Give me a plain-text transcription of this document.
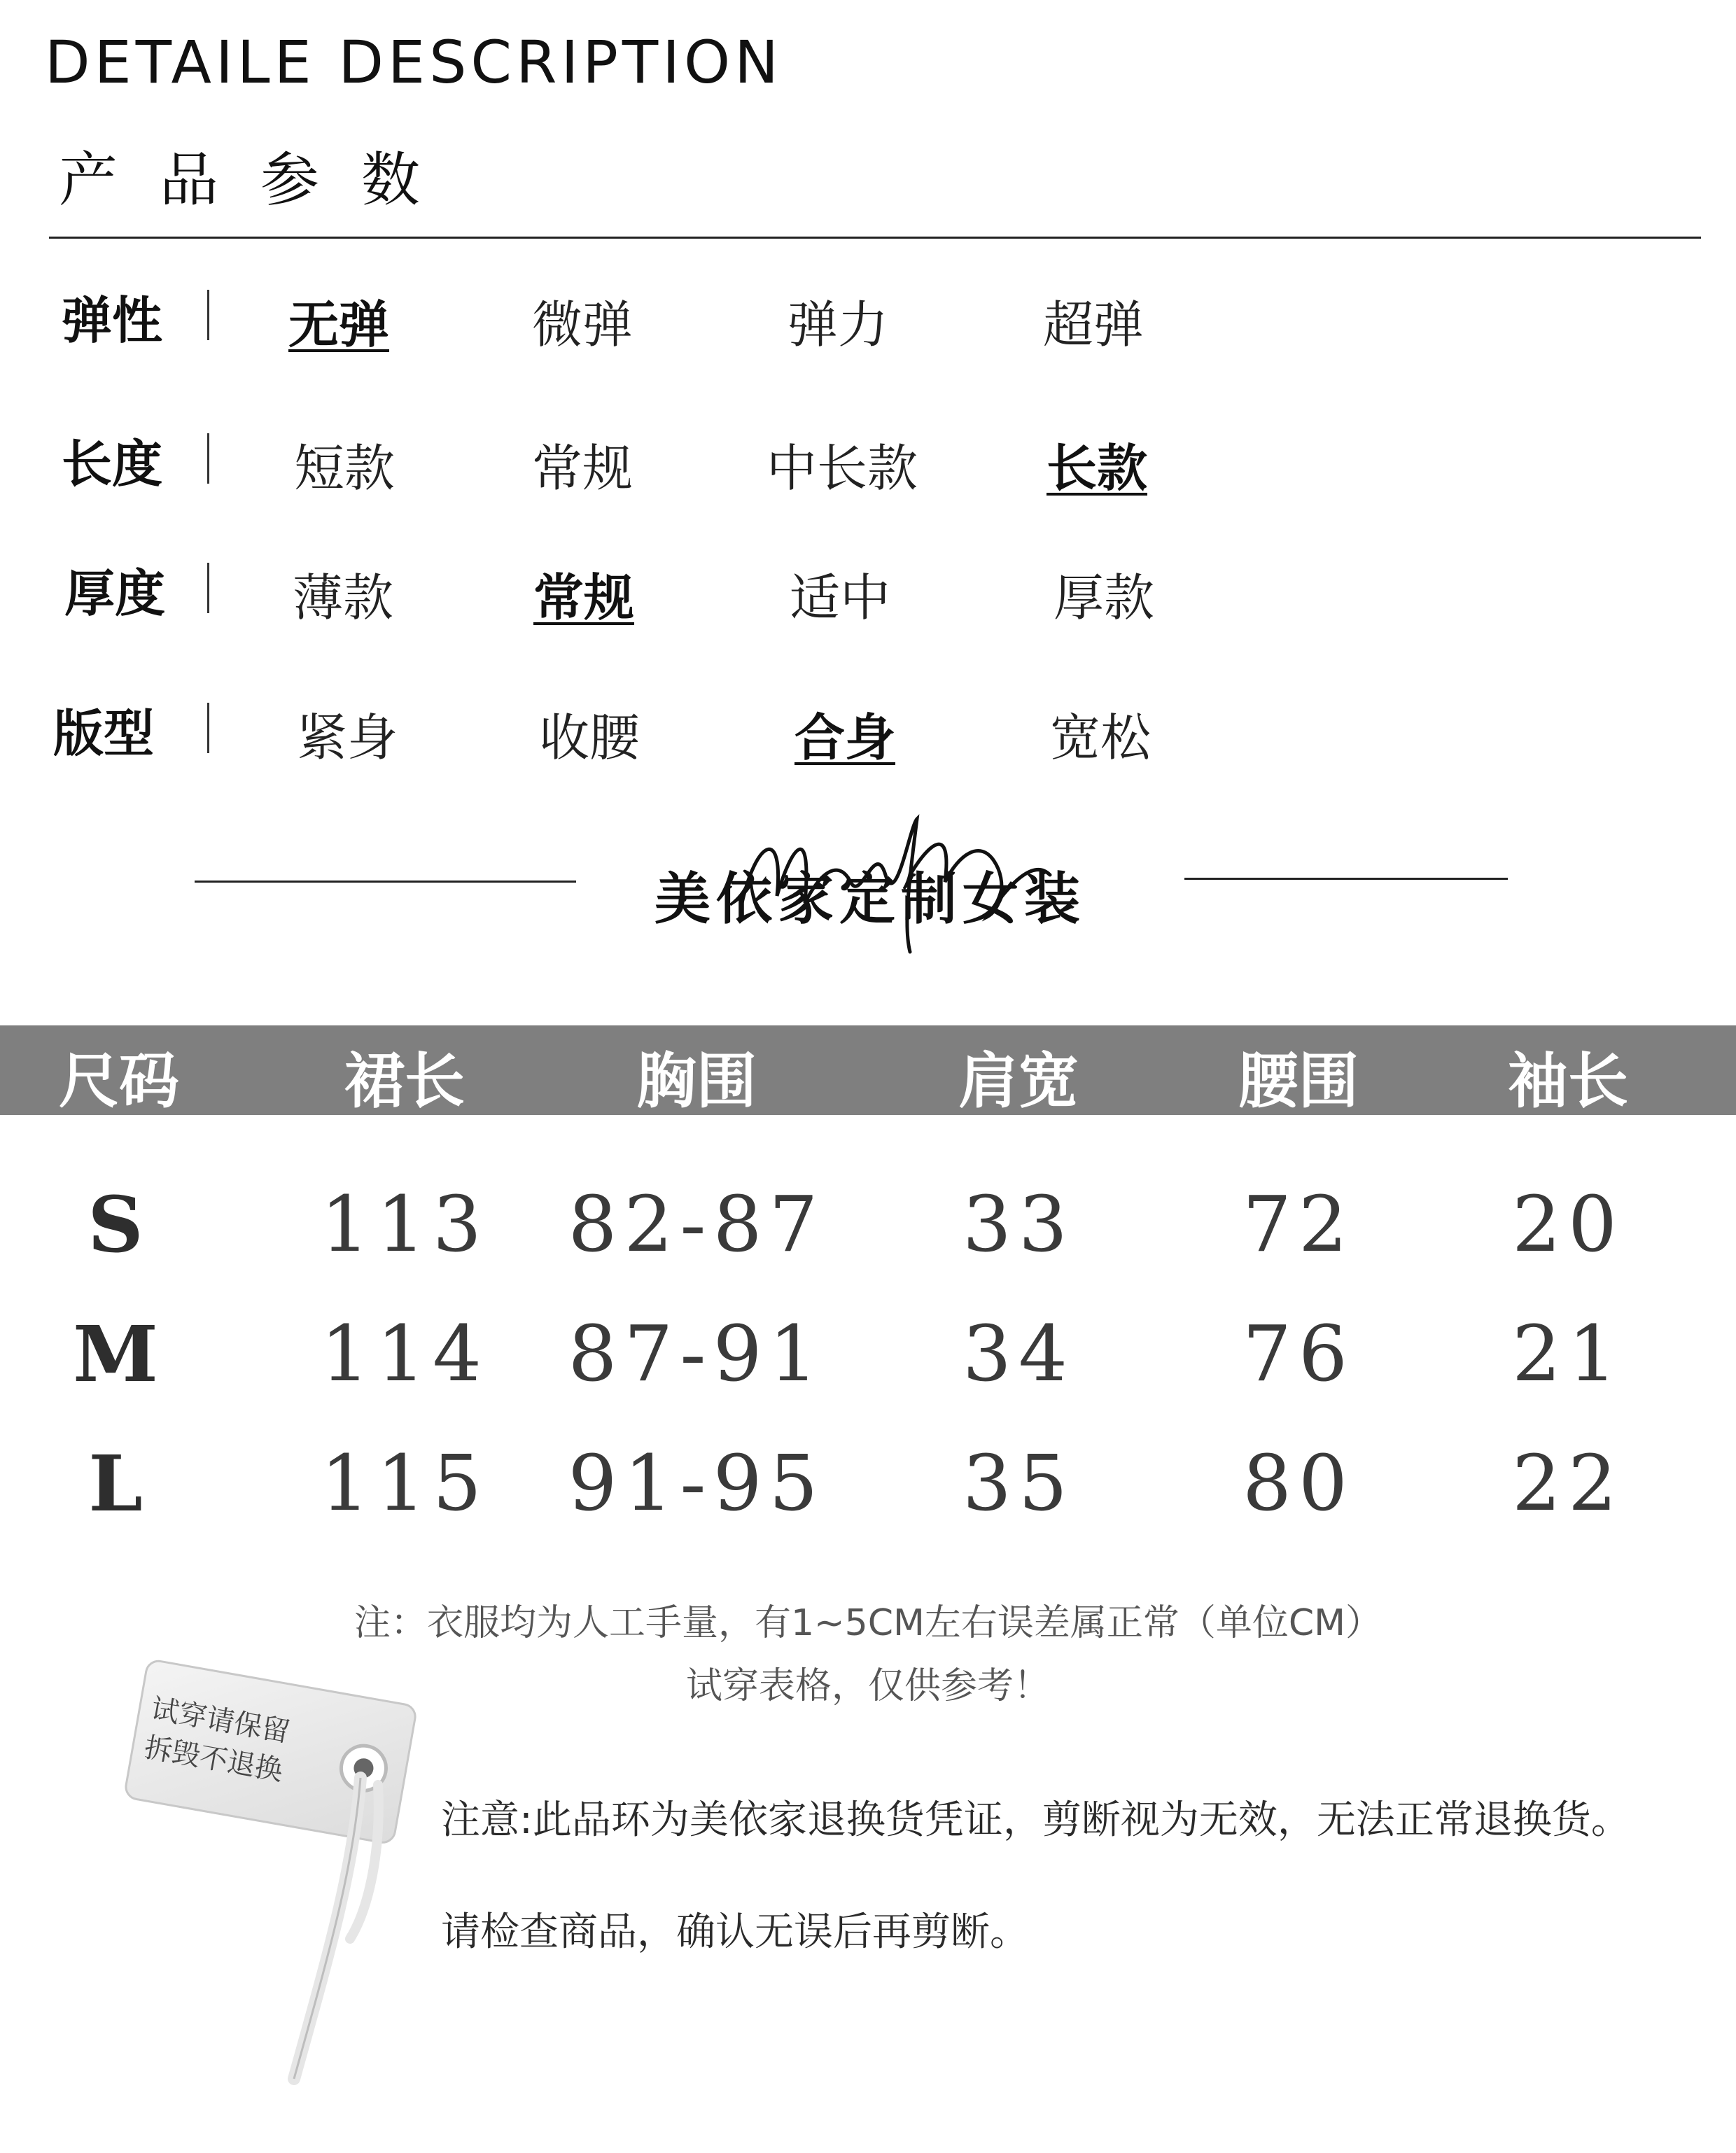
DETAILE DESCRIPTION
产品参数
弹性 无弹	微弹	弹力	超弹
长度	短款	常规	中长款	长款
厚度	薄款	常规	适中	厚款
版型	紧身	收腰	合身	宽松
美依家定制女装
尺码	裙长	胸围	肩宽	腰围	袖长
S	113	82-87	33	72	20
M	114	87-91	34	76	21
L	115	91-95	35	80	22
注：衣服均为人工手量，有1~5CM左右误差属正常（单位CM）
试穿表格，仅供参考！
试穿请保留
拆毁不退换
注意:此品环为美依家退换货凭证，剪断视为无效，无法正常退换货。
请检查商品，确认无误后再剪断。
